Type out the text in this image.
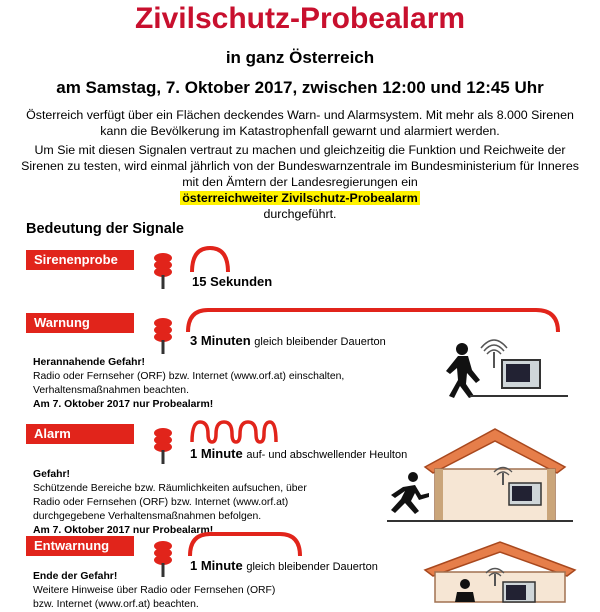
Zivilschutz-Probealarm

in ganz Österreich

am Samstag, 7. Oktober 2017, zwischen 12:00 und 12:45 Uhr

Österreich verfügt über ein Flächen deckendes Warn- und Alarmsystem. Mit mehr als 8.000 Sirenen kann die Bevölkerung im Katastrophenfall gewarnt und alarmiert werden.

Um Sie mit diesen Signalen vertraut zu machen und gleichzeitig die Funktion und Reichweite der Sirenen zu testen, wird einmal jährlich von der Bundeswarnzentrale im Bundesministerium für Inneres mit den Ämtern der Landesregierungen ein
österreichweiter Zivilschutz-Probealarm
durchgeführt.

Bedeutung der Signale

Sirenenprobe
15 Sekunden
Warnung
3 Minuten gleich bleibender Dauerton
Herannahende Gefahr!
Radio oder Fernseher (ORF) bzw. Internet (www.orf.at) einschalten,
Verhaltensmaßnahmen beachten.
Am 7. Oktober 2017 nur Probealarm!
Alarm
1 Minute auf- und abschwellender Heulton
Gefahr!
Schützende Bereiche bzw. Räumlichkeiten aufsuchen, über
Radio oder Fernsehen (ORF) bzw. Internet (www.orf.at)
durchgegebene Verhaltensmaßnahmen befolgen.
Am 7. Oktober 2017 nur Probealarm!
Entwarnung
1 Minute gleich bleibender Dauerton
Ende der Gefahr!
Weitere Hinweise über Radio oder Fernsehen (ORF)
bzw. Internet (www.orf.at) beachten.
